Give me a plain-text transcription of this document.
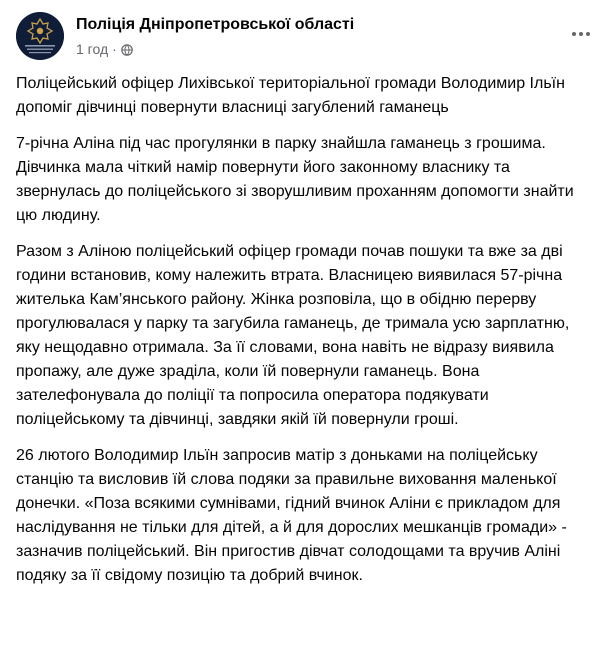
Поліція Дніпропетровської області
1 год ·

Поліцейський офіцер Лихівської територіальної громади Володимир Ільїн допоміг дівчинці повернути власниці загублений гаманець

7-річна Аліна під час прогулянки в парку знайшла гаманець з грошима. Дівчинка мала чіткий намір повернути його законному власнику та звернулась до поліцейського зі зворушливим проханням допомогти знайти цю людину.

Разом з Аліною поліцейський офіцер громади почав пошуки та вже за дві години встановив, кому належить втрата. Власницею виявилася 57-річна жителька Кам’янського району. Жінка розповіла, що в обідню перерву прогулювалася у парку та загубила гаманець, де тримала усю зарплатню, яку нещодавно отримала. За її словами, вона навіть не відразу виявила пропажу, але дуже зраділа, коли їй повернули гаманець. Вона зателефонувала до поліції та попросила оператора подякувати поліцейському та дівчинці, завдяки якій їй повернули гроші.

26 лютого Володимир Ільїн запросив матір з доньками на поліцейську станцію та висловив їй слова подяки за правильне виховання маленької донечки. «Поза всякими сумнівами, гідний вчинок Аліни є прикладом для наслідування не тільки для дітей, а й для дорослих мешканців громади» - зазначив поліцейський. Він пригостив дівчат солодощами та вручив Аліні подяку за її свідому позицію та добрий вчинок.
